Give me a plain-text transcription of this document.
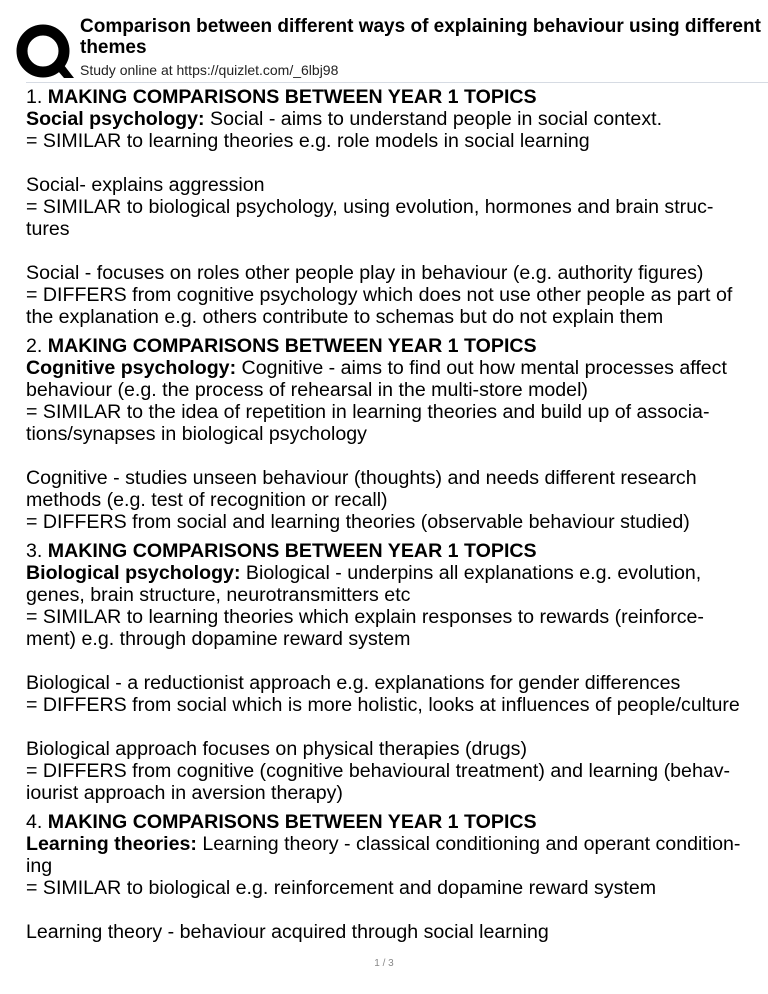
Comparison between different ways of explaining behaviour using different
themes
Study online at https://quizlet.com/_6lbj98
1. MAKING COMPARISONS BETWEEN YEAR 1 TOPICS
Social psychology: Social - aims to understand people in social context.
= SIMILAR to learning theories e.g. role models in social learning
Social- explains aggression
= SIMILAR to biological psychology, using evolution, hormones and brain struc-
tures
Social - focuses on roles other people play in behaviour (e.g. authority figures)
= DIFFERS from cognitive psychology which does not use other people as part of
the explanation e.g. others contribute to schemas but do not explain them
2. MAKING COMPARISONS BETWEEN YEAR 1 TOPICS
Cognitive psychology: Cognitive - aims to find out how mental processes affect
behaviour (e.g. the process of rehearsal in the multi-store model)
= SIMILAR to the idea of repetition in learning theories and build up of associa-
tions/synapses in biological psychology
Cognitive - studies unseen behaviour (thoughts) and needs different research
methods (e.g. test of recognition or recall)
= DIFFERS from social and learning theories (observable behaviour studied)
3. MAKING COMPARISONS BETWEEN YEAR 1 TOPICS
Biological psychology: Biological - underpins all explanations e.g. evolution,
genes, brain structure, neurotransmitters etc
= SIMILAR to learning theories which explain responses to rewards (reinforce-
ment) e.g. through dopamine reward system
Biological - a reductionist approach e.g. explanations for gender differences
= DIFFERS from social which is more holistic, looks at influences of people/culture
Biological approach focuses on physical therapies (drugs)
= DIFFERS from cognitive (cognitive behavioural treatment) and learning (behav-
iourist approach in aversion therapy)
4. MAKING COMPARISONS BETWEEN YEAR 1 TOPICS
Learning theories: Learning theory - classical conditioning and operant condition-
ing
= SIMILAR to biological e.g. reinforcement and dopamine reward system
Learning theory - behaviour acquired through social learning
1 / 3
